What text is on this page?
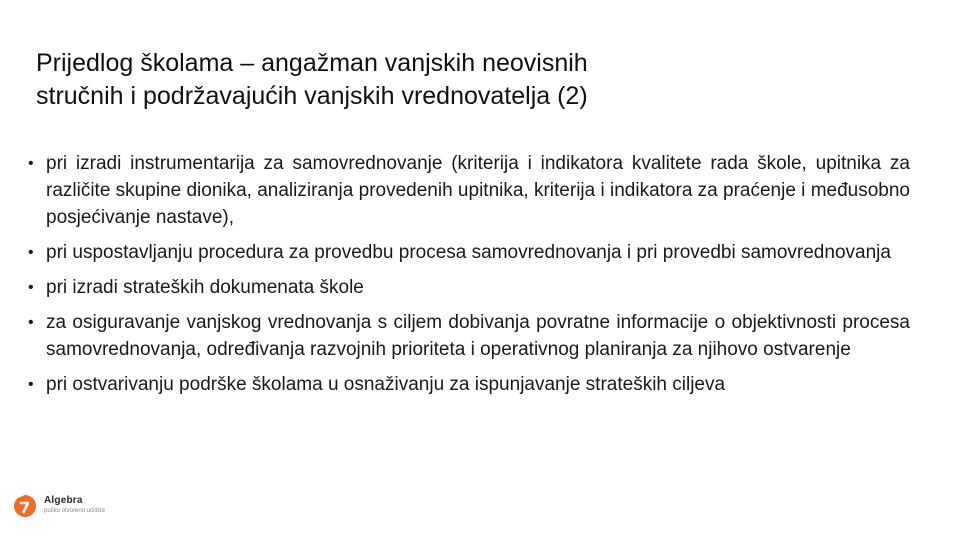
Prijedlog školama – angažman vanjskih neovisnih
stručnih i podržavajućih vanjskih vrednovatelja (2)
• pri izradi instrumentarija za samovrednovanje (kriterija i indikatora kvalitete rada škole, upitnika za različite skupine dionika, analiziranja provedenih upitnika, kriterija i indikatora za praćenje i međusobno posjećivanje nastave),
• pri uspostavljanju procedura za provedbu procesa samovrednovanja i pri provedbi samovrednovanja
• pri izradi strateških dokumenata škole
• za osiguravanje vanjskog vrednovanja s ciljem dobivanja povratne informacije o objektivnosti procesa samovrednovanja, određivanja razvojnih prioriteta i operativnog planiranja za njihovo ostvarenje
• pri ostvarivanju podrške školama u osnaživanju za ispunjavanje strateških ciljeva
Algebra
pučko otvoreno učilište
